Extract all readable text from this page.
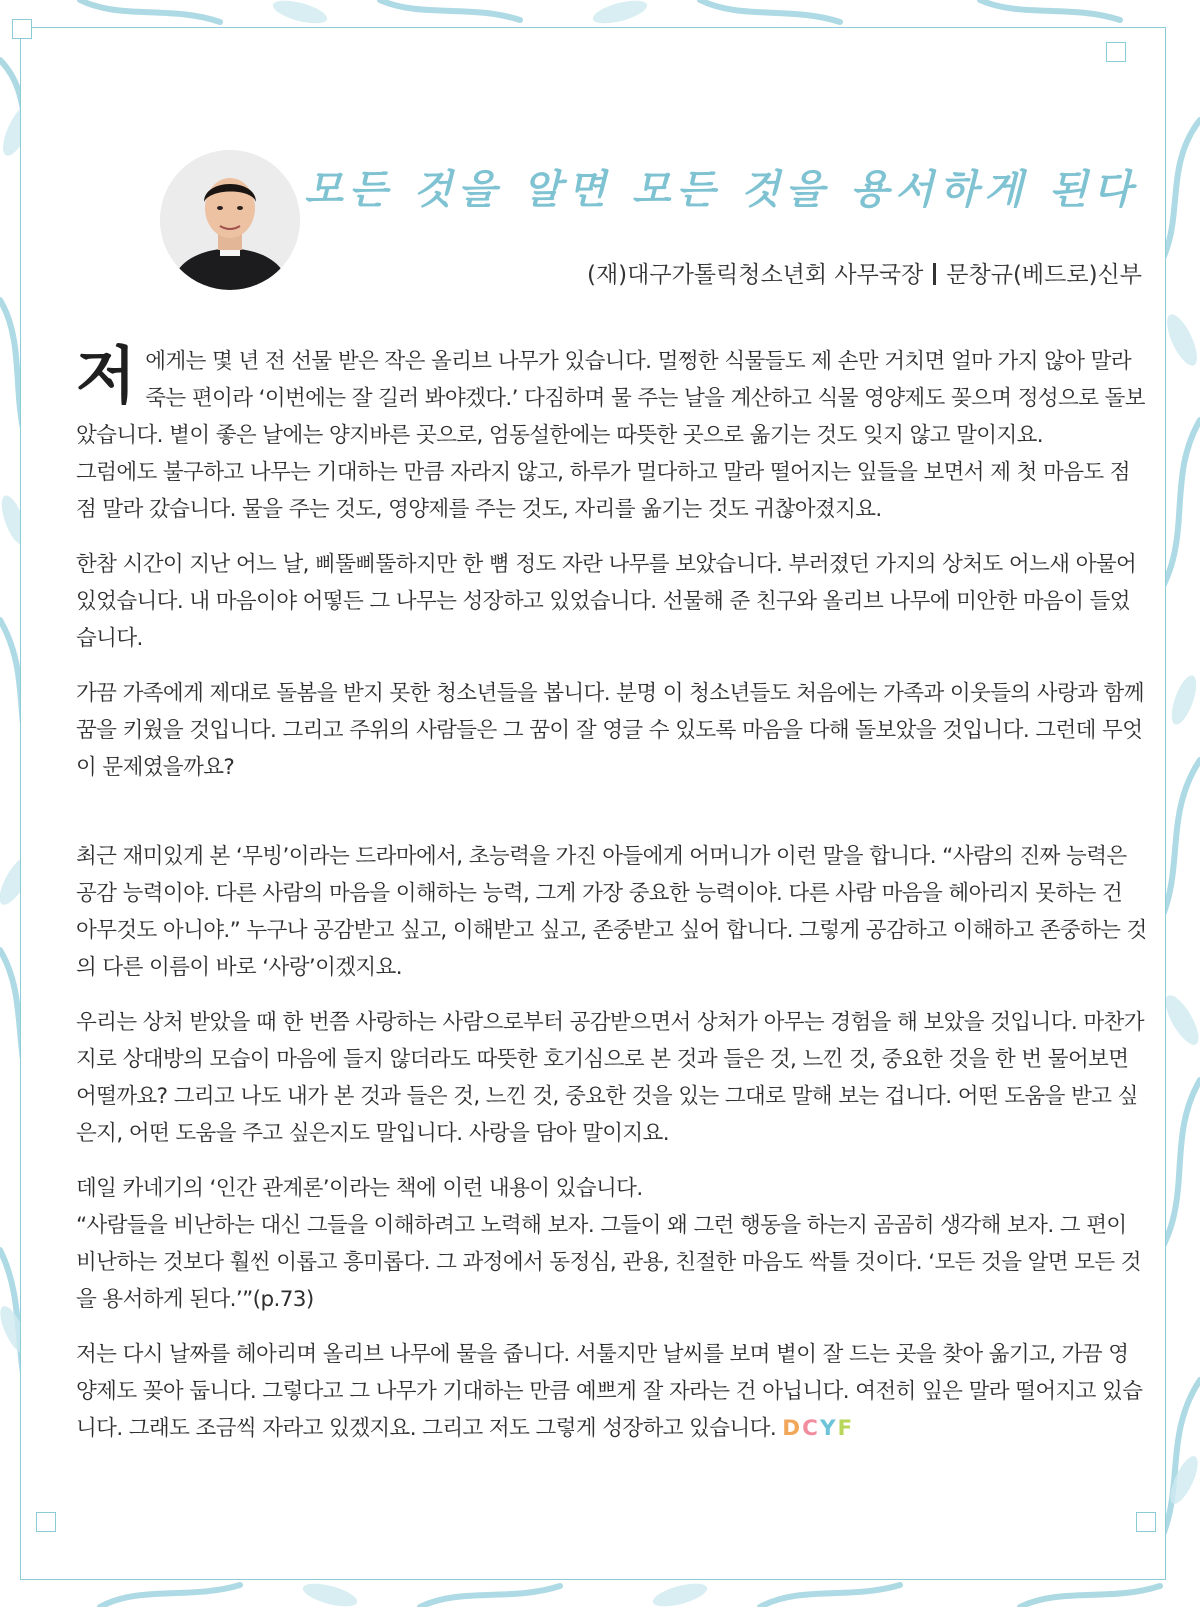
모든 것을 알면 모든 것을 용서하게 된다
(재)대구가톨릭청소년회 사무국장 문창규(베드로)신부

저에게는 몇 년 전 선물 받은 작은 올리브 나무가 있습니다. 멀쩡한 식물들도 제 손만 거치면 얼마 가지 않아 말라 죽는 편이라 ‘이번에는 잘 길러 봐야겠다.’ 다짐하며 물 주는 날을 계산하고 식물 영양제도 꽂으며 정성으로 돌보았습니다. 볕이 좋은 날에는 양지바른 곳으로, 엄동설한에는 따뜻한 곳으로 옮기는 것도 잊지 않고 말이지요.
그럼에도 불구하고 나무는 기대하는 만큼 자라지 않고, 하루가 멀다하고 말라 떨어지는 잎들을 보면서 제 첫 마음도 점점 말라 갔습니다. 물을 주는 것도, 영양제를 주는 것도, 자리를 옮기는 것도 귀찮아졌지요.

한참 시간이 지난 어느 날, 삐뚤삐뚤하지만 한 뼘 정도 자란 나무를 보았습니다. 부러졌던 가지의 상처도 어느새 아물어 있었습니다. 내 마음이야 어떻든 그 나무는 성장하고 있었습니다. 선물해 준 친구와 올리브 나무에 미안한 마음이 들었습니다.

가끔 가족에게 제대로 돌봄을 받지 못한 청소년들을 봅니다. 분명 이 청소년들도 처음에는 가족과 이웃들의 사랑과 함께 꿈을 키웠을 것입니다. 그리고 주위의 사람들은 그 꿈이 잘 영글 수 있도록 마음을 다해 돌보았을 것입니다. 그런데 무엇이 문제였을까요?

최근 재미있게 본 ‘무빙’이라는 드라마에서, 초능력을 가진 아들에게 어머니가 이런 말을 합니다. “사람의 진짜 능력은 공감 능력이야. 다른 사람의 마음을 이해하는 능력, 그게 가장 중요한 능력이야. 다른 사람 마음을 헤아리지 못하는 건 아무것도 아니야.” 누구나 공감받고 싶고, 이해받고 싶고, 존중받고 싶어 합니다. 그렇게 공감하고 이해하고 존중하는 것의 다른 이름이 바로 ‘사랑’이겠지요.

우리는 상처 받았을 때 한 번쯤 사랑하는 사람으로부터 공감받으면서 상처가 아무는 경험을 해 보았을 것입니다. 마찬가지로 상대방의 모습이 마음에 들지 않더라도 따뜻한 호기심으로 본 것과 들은 것, 느낀 것, 중요한 것을 한 번 물어보면 어떨까요? 그리고 나도 내가 본 것과 들은 것, 느낀 것, 중요한 것을 있는 그대로 말해 보는 겁니다. 어떤 도움을 받고 싶은지, 어떤 도움을 주고 싶은지도 말입니다. 사랑을 담아 말이지요.

데일 카네기의 ‘인간 관계론’이라는 책에 이런 내용이 있습니다.
“사람들을 비난하는 대신 그들을 이해하려고 노력해 보자. 그들이 왜 그런 행동을 하는지 곰곰히 생각해 보자. 그 편이 비난하는 것보다 훨씬 이롭고 흥미롭다. 그 과정에서 동정심, 관용, 친절한 마음도 싹틀 것이다. ‘모든 것을 알면 모든 것을 용서하게 된다.’”(p.73)

저는 다시 날짜를 헤아리며 올리브 나무에 물을 줍니다. 서툴지만 날씨를 보며 볕이 잘 드는 곳을 찾아 옮기고, 가끔 영양제도 꽂아 둡니다. 그렇다고 그 나무가 기대하는 만큼 예쁘게 잘 자라는 건 아닙니다. 여전히 잎은 말라 떨어지고 있습니다. 그래도 조금씩 자라고 있겠지요. 그리고 저도 그렇게 성장하고 있습니다. DCYF
